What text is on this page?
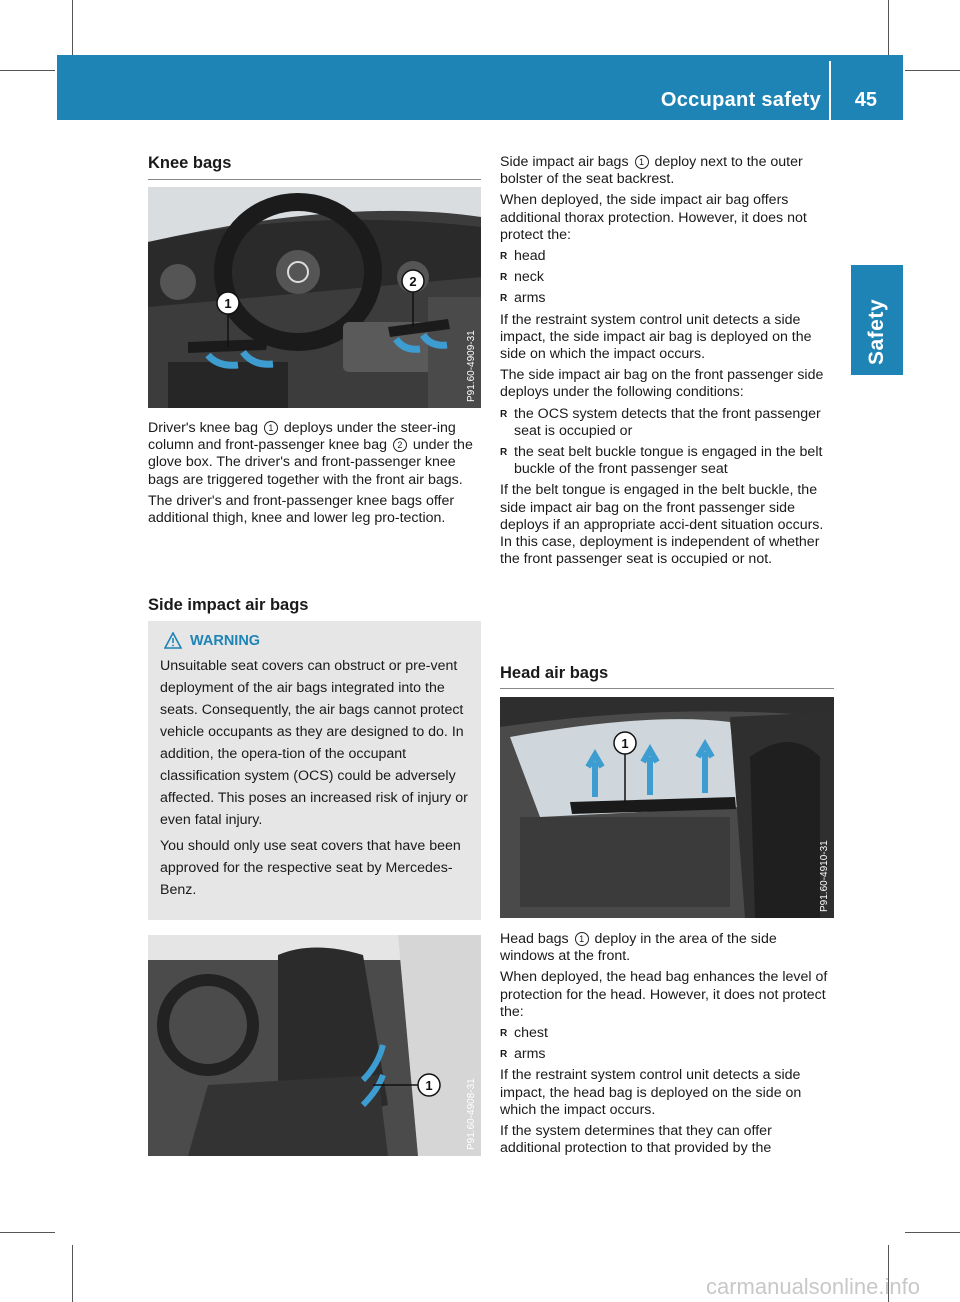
Occupant safety 45
Safety
Knee bags
1
2
P91.60-4909-31

Driver's knee bag 1 deploys under the steer-ing column and front-passenger knee bag 2 under the glove box. The driver's and front-passenger knee bags are triggered together with the front air bags.

The driver's and front-passenger knee bags offer additional thigh, knee and lower leg pro-tection.

Side impact air bags
WARNING

Unsuitable seat covers can obstruct or pre-vent deployment of the air bags integrated into the seats. Consequently, the air bags cannot protect vehicle occupants as they are designed to do. In addition, the opera-tion of the occupant classification system (OCS) could be adversely affected. This poses an increased risk of injury or even fatal injury.

You should only use seat covers that have been approved for the respective seat by Mercedes-Benz.

1	P91.60-4908-31

Side impact air bags 1 deploy next to the outer bolster of the seat backrest.

When deployed, the side impact air bag offers additional thorax protection. However, it does not protect the:

R head
R neck
R arms

If the restraint system control unit detects a side impact, the side impact air bag is deployed on the side on which the impact occurs.

The side impact air bag on the front passenger side deploys under the following conditions:

R the OCS system detects that the front passenger seat is occupied or
R the seat belt buckle tongue is engaged in the belt buckle of the front passenger seat

If the belt tongue is engaged in the belt buckle, the side impact air bag on the front passenger side deploys if an appropriate acci-dent situation occurs. In this case, deployment is independent of whether the front passenger seat is occupied or not.

Head air bags
1
P91.60-4910-31

Head bags 1 deploy in the area of the side windows at the front.

When deployed, the head bag enhances the level of protection for the head. However, it does not protect the:

R chest
R arms

If the restraint system control unit detects a side impact, the head bag is deployed on the side on which the impact occurs.

If the system determines that they can offer additional protection to that provided by the

carmanualsonline.info
